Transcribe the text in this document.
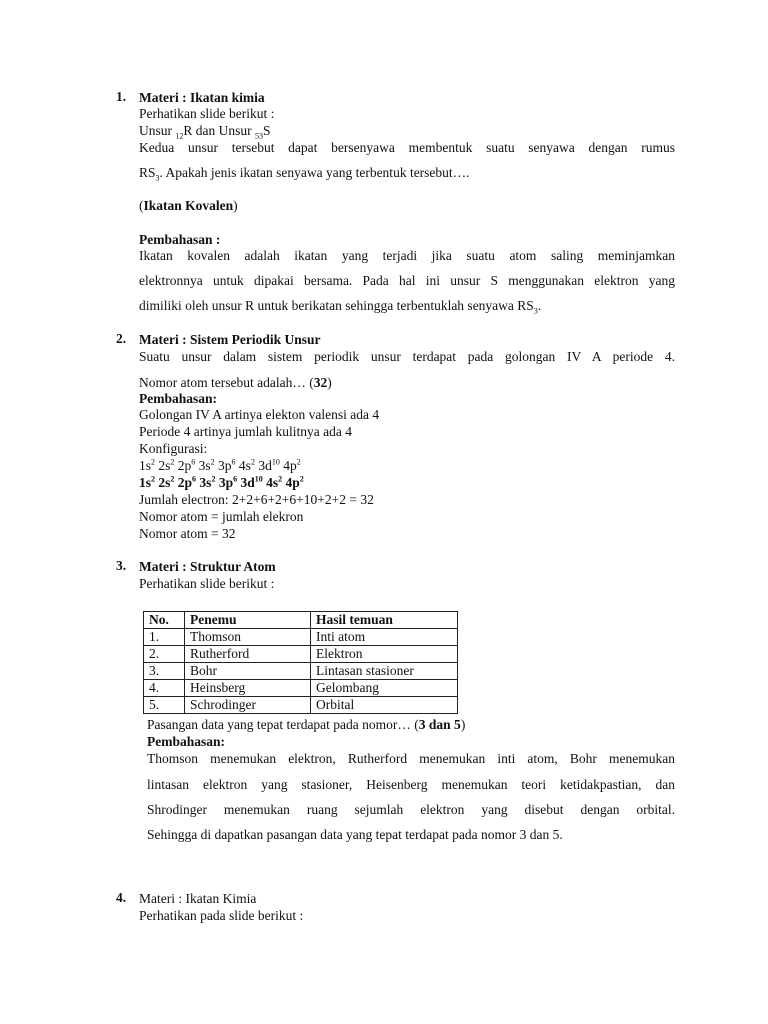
1. Materi : Ikatan kimia
Perhatikan slide berikut :
Unsur $_{12}$R dan Unsur $_{53}$S
Kedua unsur tersebut dapat bersenyawa membentuk suatu senyawa dengan rumus
$RS_3$. Apakah jenis ikatan senyawa yang terbentuk tersebut….
(Ikatan Kovalen)
Pembahasan :
Ikatan kovalen adalah ikatan yang terjadi jika suatu atom saling meminjamkan
elektronnya untuk dipakai bersama. Pada hal ini unsur S menggunakan elektron yang
dimiliki oleh unsur R untuk berikatan sehingga terbentuklah senyawa $RS_3$.
2. Materi : Sistem Periodik Unsur
Suatu unsur dalam sistem periodik unsur terdapat pada golongan IV A periode 4.
Nomor atom tersebut adalah… (32)
Pembahasan:
Golongan IV A artinya elekton valensi ada 4
Periode 4 artinya jumlah kulitnya ada 4
Konfigurasi:
$1s^2$ $2s^2$ $2p^6$ $3s^2$ $3p^6$ $4s^2$ $3d^{10}$ $4p^2$
$1s^2$ $2s^2$ $2p^6$ $3s^2$ $3p^6$ $3d^{10}$ $4s^2$ $4p^2$
Jumlah electron: 2+2+6+2+6+10+2+2 = 32
Nomor atom = jumlah elekron
Nomor atom = 32
3. Materi : Struktur Atom
Perhatikan slide berikut :
No.	Penemu	Hasil temuan
1.	Thomson	Inti atom
2.	Rutherford	Elektron
3.	Bohr	Lintasan stasioner
4.	Heinsberg	Gelombang
5.	Schrodinger	Orbital
Pasangan data yang tepat terdapat pada nomor… (3 dan 5)
Pembahasan:
Thomson menemukan elektron, Rutherford menemukan inti atom, Bohr menemukan
lintasan elektron yang stasioner, Heisenberg menemukan teori ketidakpastian, dan
Shrodinger menemukan ruang sejumlah elektron yang disebut dengan orbital.
Sehingga di dapatkan pasangan data yang tepat terdapat pada nomor 3 dan 5.
4. Materi : Ikatan Kimia
Perhatikan pada slide berikut :
